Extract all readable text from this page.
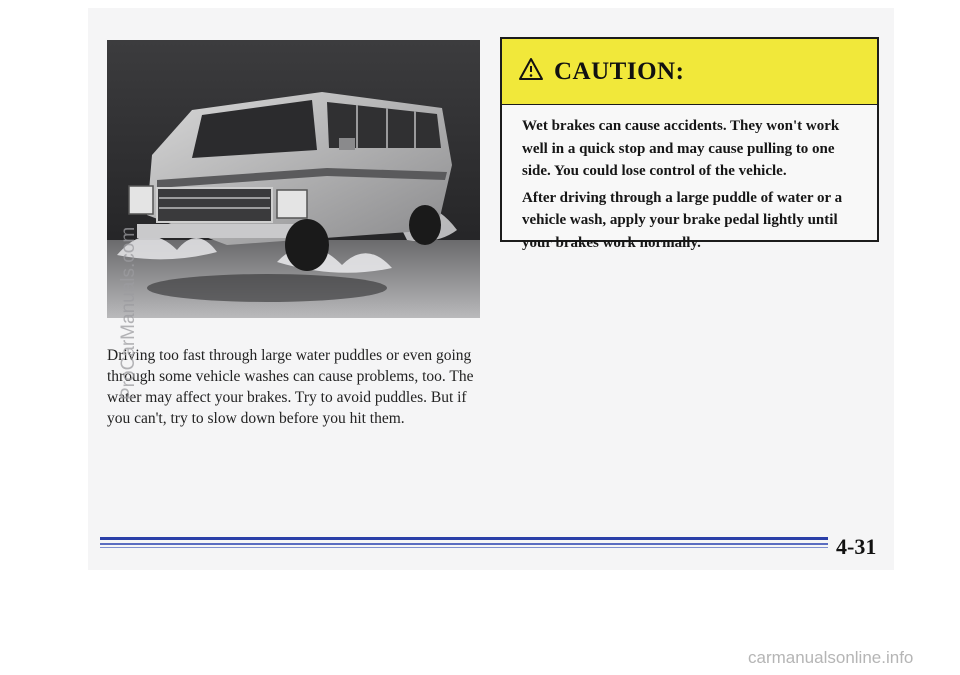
Driving too fast through large water puddles or even going through some vehicle washes can cause problems, too. The water may affect your brakes. Try to avoid puddles. But if you can't, try to slow down before you hit them.

CAUTION:

Wet brakes can cause accidents. They won't work well in a quick stop and may cause pulling to one side. You could lose control of the vehicle.

After driving through a large puddle of water or a vehicle wash, apply your brake pedal lightly until your brakes work normally.

4-31
ProCarManuals.com
carmanualsonline.info
